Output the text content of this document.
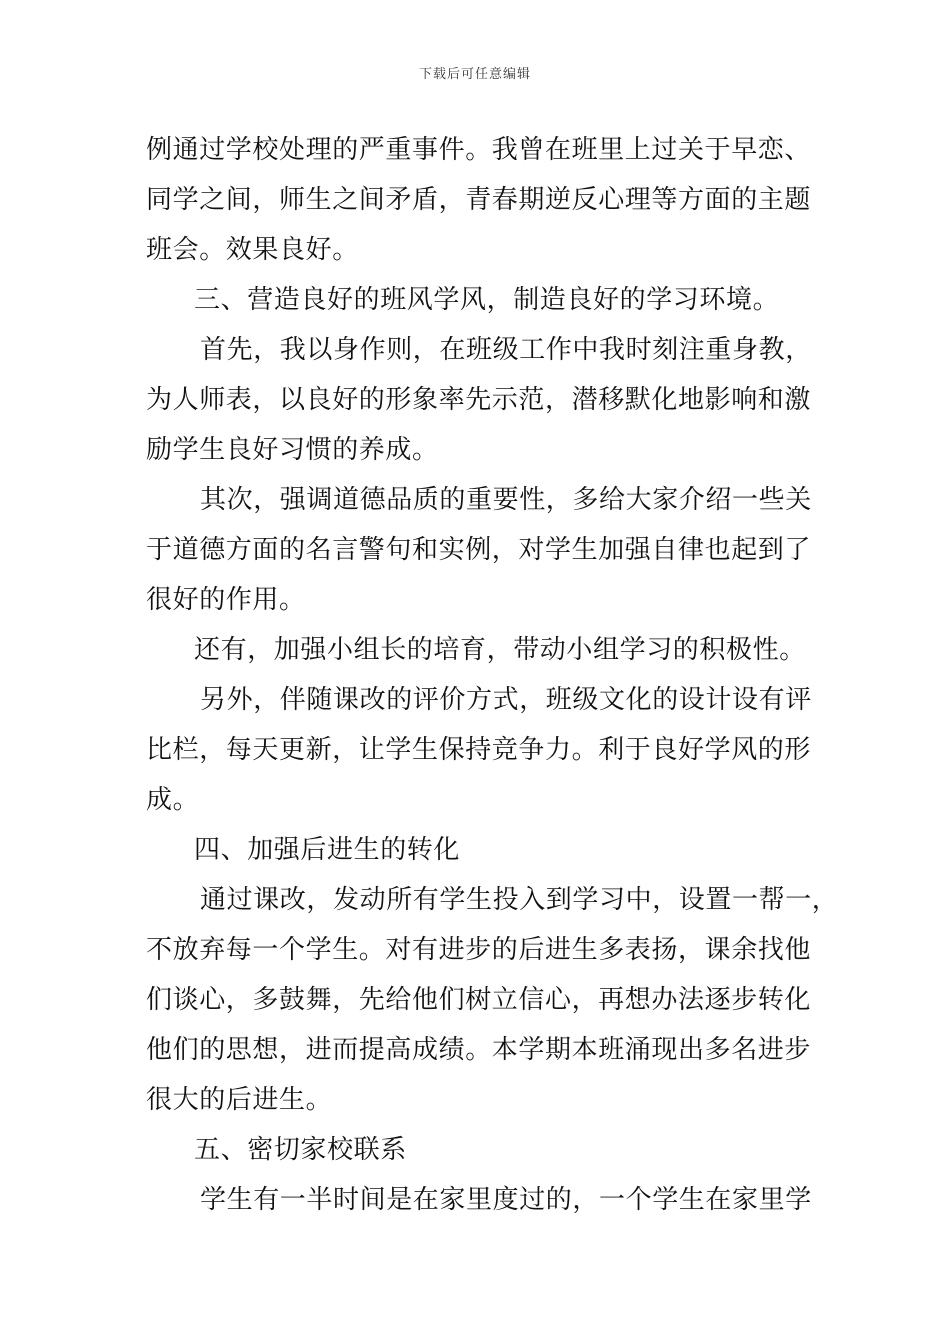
下载后可任意编辑
例通过学校处理的严重事件。我曾在班里上过关于早恋、
同学之间，师生之间矛盾，青春期逆反心理等方面的主题
班会。效果良好。
三、营造良好的班风学风，制造良好的学习环境。
首先，我以身作则，在班级工作中我时刻注重身教，
为人师表，以良好的形象率先示范，潜移默化地影响和激
励学生良好习惯的养成。
其次，强调道德品质的重要性，多给大家介绍一些关
于道德方面的名言警句和实例，对学生加强自律也起到了
很好的作用。
还有，加强小组长的培育，带动小组学习的积极性。
另外，伴随课改的评价方式，班级文化的设计设有评
比栏，每天更新，让学生保持竞争力。利于良好学风的形
成。
四、加强后进生的转化
通过课改，发动所有学生投入到学习中，设置一帮一，
不放弃每一个学生。对有进步的后进生多表扬，课余找他
们谈心，多鼓舞，先给他们树立信心，再想办法逐步转化
他们的思想，进而提高成绩。本学期本班涌现出多名进步
很大的后进生。
五、密切家校联系
学生有一半时间是在家里度过的，一个学生在家里学
